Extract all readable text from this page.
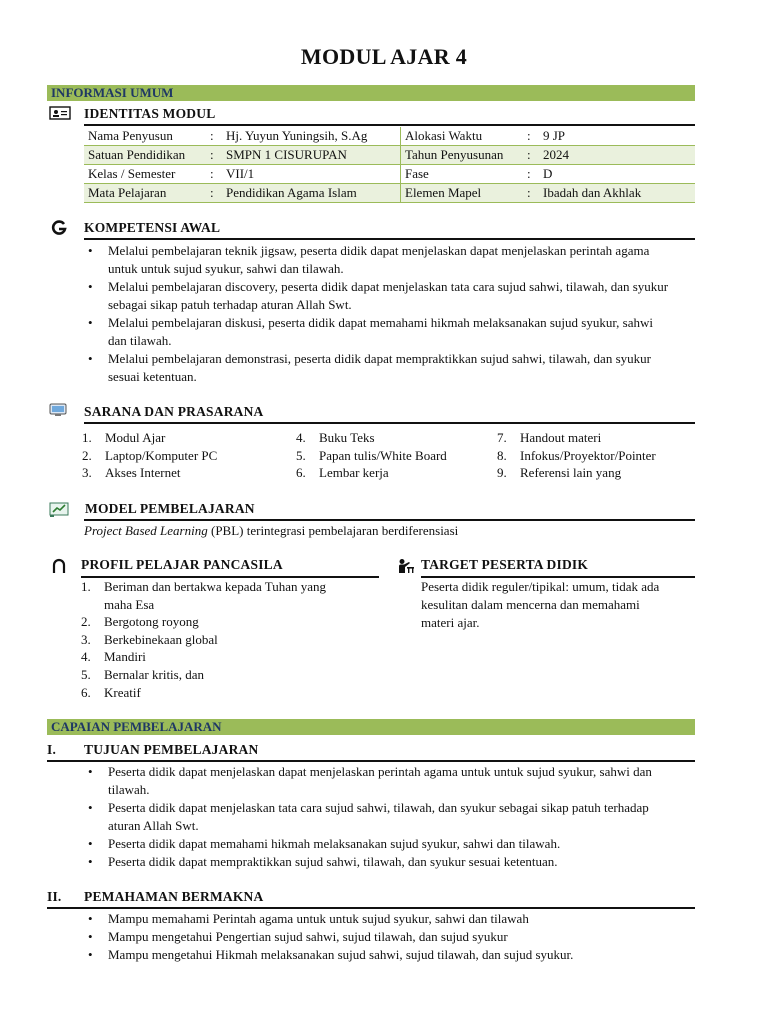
MODUL AJAR 4
INFORMASI UMUM
IDENTITAS MODUL
Nama Penyusun	:	Hj. Yuyun Yuningsih, S.Ag	Alokasi Waktu	:	9 JP
Satuan Pendidikan	:	SMPN 1 CISURUPAN	Tahun Penyusunan	:	2024
Kelas / Semester	:	VII/1	Fase	:	D
Mata Pelajaran	:	Pendidikan Agama Islam	Elemen Mapel	:	Ibadah dan Akhlak
KOMPETENSI AWAL
• Melalui pembelajaran teknik jigsaw, peserta didik dapat menjelaskan dapat menjelaskan perintah agama
untuk untuk sujud syukur, sahwi dan tilawah.
• Melalui pembelajaran discovery, peserta didik dapat menjelaskan tata cara sujud sahwi, tilawah, dan syukur
sebagai sikap patuh terhadap aturan Allah Swt.
• Melalui pembelajaran diskusi, peserta didik dapat memahami hikmah melaksanakan sujud syukur, sahwi
dan tilawah.
• Melalui pembelajaran demonstrasi, peserta didik dapat mempraktikkan sujud sahwi, tilawah, dan syukur
sesuai ketentuan.
SARANA DAN PRASARANA
1. Modul Ajar
2. Laptop/Komputer PC
3. Akses Internet
4. Buku Teks
5. Papan tulis/White Board
6. Lembar kerja
7. Handout materi
8. Infokus/Proyektor/Pointer
9. Referensi lain yang
MODEL PEMBELAJARAN
Project Based Learning (PBL) terintegrasi pembelajaran berdiferensiasi
PROFIL PELAJAR PANCASILA
1. Beriman dan bertakwa kepada Tuhan yang
maha Esa
2. Bergotong royong
3. Berkebinekaan global
4. Mandiri
5. Bernalar kritis, dan
6. Kreatif
TARGET PESERTA DIDIK
Peserta didik reguler/tipikal: umum, tidak ada
kesulitan dalam mencerna dan memahami
materi ajar.
CAPAIAN PEMBELAJARAN
I. TUJUAN PEMBELAJARAN
• Peserta didik dapat menjelaskan dapat menjelaskan perintah agama untuk untuk sujud syukur, sahwi dan
tilawah.
• Peserta didik dapat menjelaskan tata cara sujud sahwi, tilawah, dan syukur sebagai sikap patuh terhadap
aturan Allah Swt.
• Peserta didik dapat memahami hikmah melaksanakan sujud syukur, sahwi dan tilawah.
• Peserta didik dapat mempraktikkan sujud sahwi, tilawah, dan syukur sesuai ketentuan.
II. PEMAHAMAN BERMAKNA
• Mampu memahami Perintah agama untuk untuk sujud syukur, sahwi dan tilawah
• Mampu mengetahui Pengertian sujud sahwi, sujud tilawah, dan sujud syukur
• Mampu mengetahui Hikmah melaksanakan sujud sahwi, sujud tilawah, dan sujud syukur.
